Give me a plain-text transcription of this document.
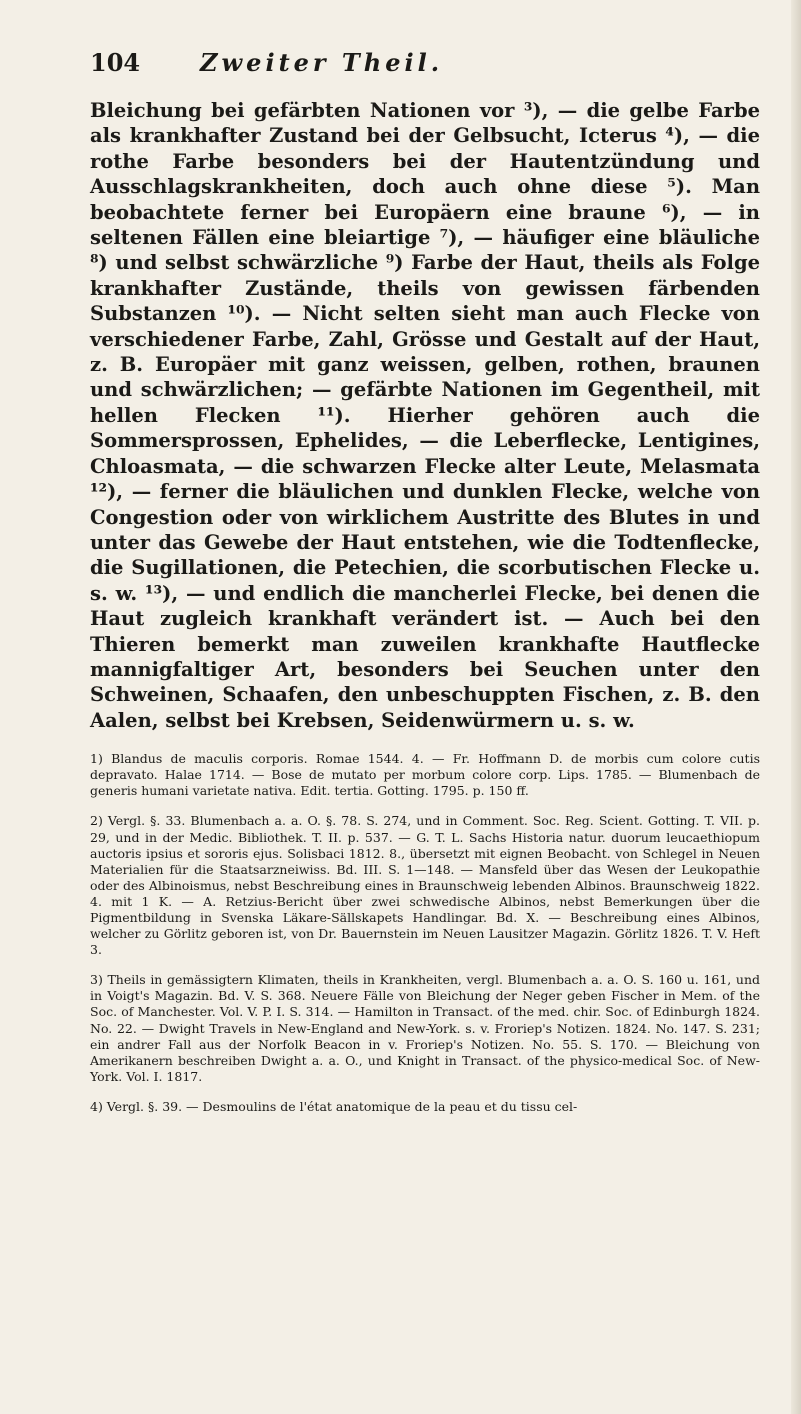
104 Zweiter Theil.
Bleichung bei gefärbten Nationen vor ³), — die gelbe Farbe als krankhafter Zustand bei der Gelbsucht, Icterus ⁴), — die rothe Farbe besonders bei der Hautentzündung und Ausschlagskrankheiten, doch auch ohne diese ⁵). Man beobachtete ferner bei Europäern eine braune ⁶), — in seltenen Fällen eine bleiartige ⁷), — häufiger eine bläuliche ⁸) und selbst schwärzliche ⁹) Farbe der Haut, theils als Folge krankhafter Zustände, theils von gewissen färbenden Substanzen ¹⁰). — Nicht selten sieht man auch Flecke von verschiedener Farbe, Zahl, Grösse und Gestalt auf der Haut, z. B. Europäer mit ganz weissen, gelben, rothen, braunen und schwärzlichen; — gefärbte Nationen im Gegentheil, mit hellen Flecken ¹¹). Hierher gehören auch die Sommersprossen, Ephelides, — die Leberflecke, Lentigines, Chloasmata, — die schwarzen Flecke alter Leute, Melasmata ¹²), — ferner die bläulichen und dunklen Flecke, welche von Congestion oder von wirklichem Austritte des Blutes in und unter das Gewebe der Haut entstehen, wie die Todtenflecke, die Sugillationen, die Petechien, die scorbutischen Flecke u. s. w. ¹³), — und endlich die mancherlei Flecke, bei denen die Haut zugleich krankhaft verändert ist. — Auch bei den Thieren bemerkt man zuweilen krankhafte Hautflecke mannigfaltiger Art, besonders bei Seuchen unter den Schweinen, Schaafen, den unbeschuppten Fischen, z. B. den Aalen, selbst bei Krebsen, Seidenwürmern u. s. w.

1) Blandus de maculis corporis. Romae 1544. 4. — Fr. Hoffmann D. de morbis cum colore cutis depravato. Halae 1714. — Bose de mutato per morbum colore corp. Lips. 1785. — Blumenbach de generis humani varietate nativa. Edit. tertia. Gotting. 1795. p. 150 ff.

2) Vergl. §. 33. Blumenbach a. a. O. §. 78. S. 274, und in Comment. Soc. Reg. Scient. Gotting. T. VII. p. 29, und in der Medic. Bibliothek. T. II. p. 537. — G. T. L. Sachs Historia natur. duorum leucaethiopum auctoris ipsius et sororis ejus. Solisbaci 1812. 8., übersetzt mit eignen Beobacht. von Schlegel in Neuen Materialien für die Staatsarzneiwiss. Bd. III. S. 1—148. — Mansfeld über das Wesen der Leukopathie oder des Albinoismus, nebst Beschreibung eines in Braunschweig lebenden Albinos. Braunschweig 1822. 4. mit 1 K. — A. Retzius-Bericht über zwei schwedische Albinos, nebst Bemerkungen über die Pigmentbildung in Svenska Läkare-Sällskapets Handlingar. Bd. X. — Beschreibung eines Albinos, welcher zu Görlitz geboren ist, von Dr. Bauernstein im Neuen Lausitzer Magazin. Görlitz 1826. T. V. Heft 3.

3) Theils in gemässigtern Klimaten, theils in Krankheiten, vergl. Blumenbach a. a. O. S. 160 u. 161, und in Voigt's Magazin. Bd. V. S. 368. Neuere Fälle von Bleichung der Neger geben Fischer in Mem. of the Soc. of Manchester. Vol. V. P. I. S. 314. — Hamilton in Transact. of the med. chir. Soc. of Edinburgh 1824. No. 22. — Dwight Travels in New-England and New-York. s. v. Froriep's Notizen. 1824. No. 147. S. 231; ein andrer Fall aus der Norfolk Beacon in v. Froriep's Notizen. No. 55. S. 170. — Bleichung von Amerikanern beschreiben Dwight a. a. O., und Knight in Transact. of the physico-medical Soc. of New-York. Vol. I. 1817.

4) Vergl. §. 39. — Desmoulins de l'état anatomique de la peau et du tissu cel-
